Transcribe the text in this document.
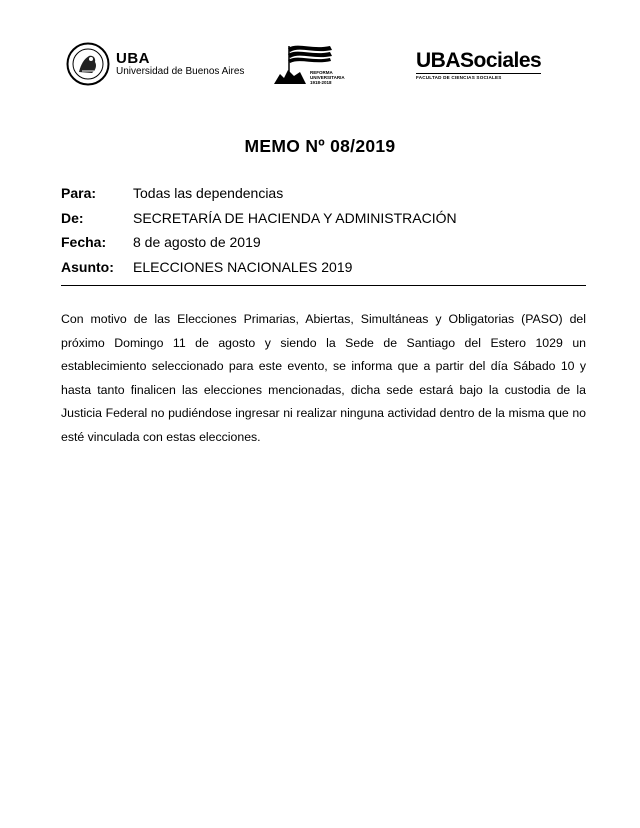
UBA
Universidad de Buenos Aires	REFORMA
UNIVERSITARIA
1918-2018
UBASociales
FACULTAD DE CIENCIAS SOCIALES
MEMO Nº 08/2019
Para:	Todas las dependencias
De:	SECRETARÍA DE HACIENDA Y ADMINISTRACIÓN
Fecha:	8 de agosto de 2019
Asunto:	ELECCIONES NACIONALES 2019
Con motivo de las Elecciones Primarias, Abiertas, Simultáneas y Obligatorias (PASO) del próximo Domingo 11 de agosto y siendo la Sede de Santiago del Estero 1029 un establecimiento seleccionado para este evento, se informa que a partir del día Sábado 10 y hasta tanto finalicen las elecciones mencionadas, dicha sede estará bajo la custodia de la Justicia Federal no pudiéndose ingresar ni realizar ninguna actividad dentro de la misma que no esté vinculada con estas elecciones.
